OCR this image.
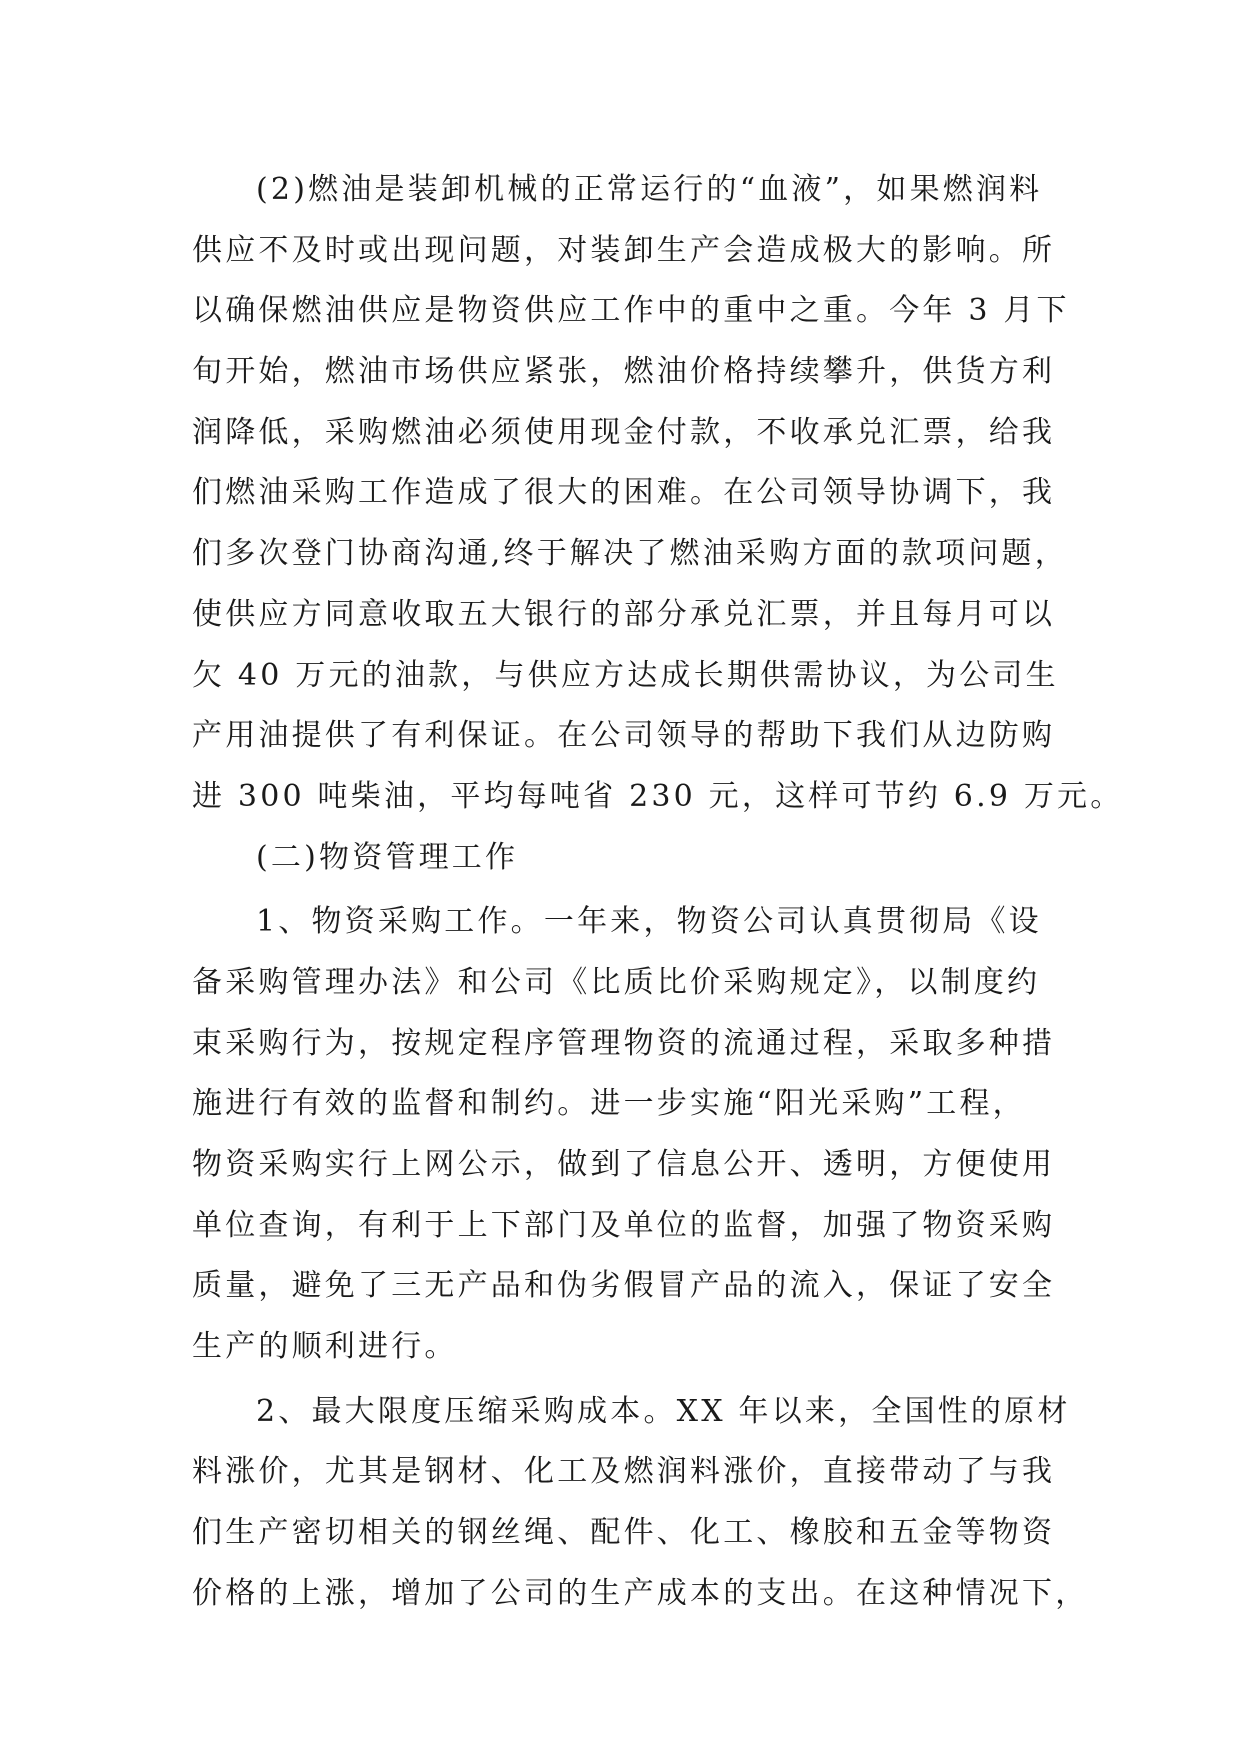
(2)燃油是装卸机械的正常运行的“血液”，如果燃润料
供应不及时或出现问题，对装卸生产会造成极大的影响。所
以确保燃油供应是物资供应工作中的重中之重。今年 3 月下
旬开始，燃油市场供应紧张，燃油价格持续攀升，供货方利
润降低，采购燃油必须使用现金付款，不收承兑汇票，给我
们燃油采购工作造成了很大的困难。在公司领导协调下，我
们多次登门协商沟通,终于解决了燃油采购方面的款项问题，
使供应方同意收取五大银行的部分承兑汇票，并且每月可以
欠 40 万元的油款，与供应方达成长期供需协议，为公司生
产用油提供了有利保证。在公司领导的帮助下我们从边防购
进 300 吨柴油，平均每吨省 230 元，这样可节约 6.9 万元。
(二)物资管理工作
1、物资采购工作。一年来，物资公司认真贯彻局《设
备采购管理办法》和公司《比质比价采购规定》，以制度约
束采购行为，按规定程序管理物资的流通过程，采取多种措
施进行有效的监督和制约。进一步实施“阳光采购”工程，
物资采购实行上网公示，做到了信息公开、透明，方便使用
单位查询，有利于上下部门及单位的监督，加强了物资采购
质量，避免了三无产品和伪劣假冒产品的流入，保证了安全
生产的顺利进行。
2、最大限度压缩采购成本。XX 年以来，全国性的原材
料涨价，尤其是钢材、化工及燃润料涨价，直接带动了与我
们生产密切相关的钢丝绳、配件、化工、橡胶和五金等物资
价格的上涨，增加了公司的生产成本的支出。在这种情况下，
